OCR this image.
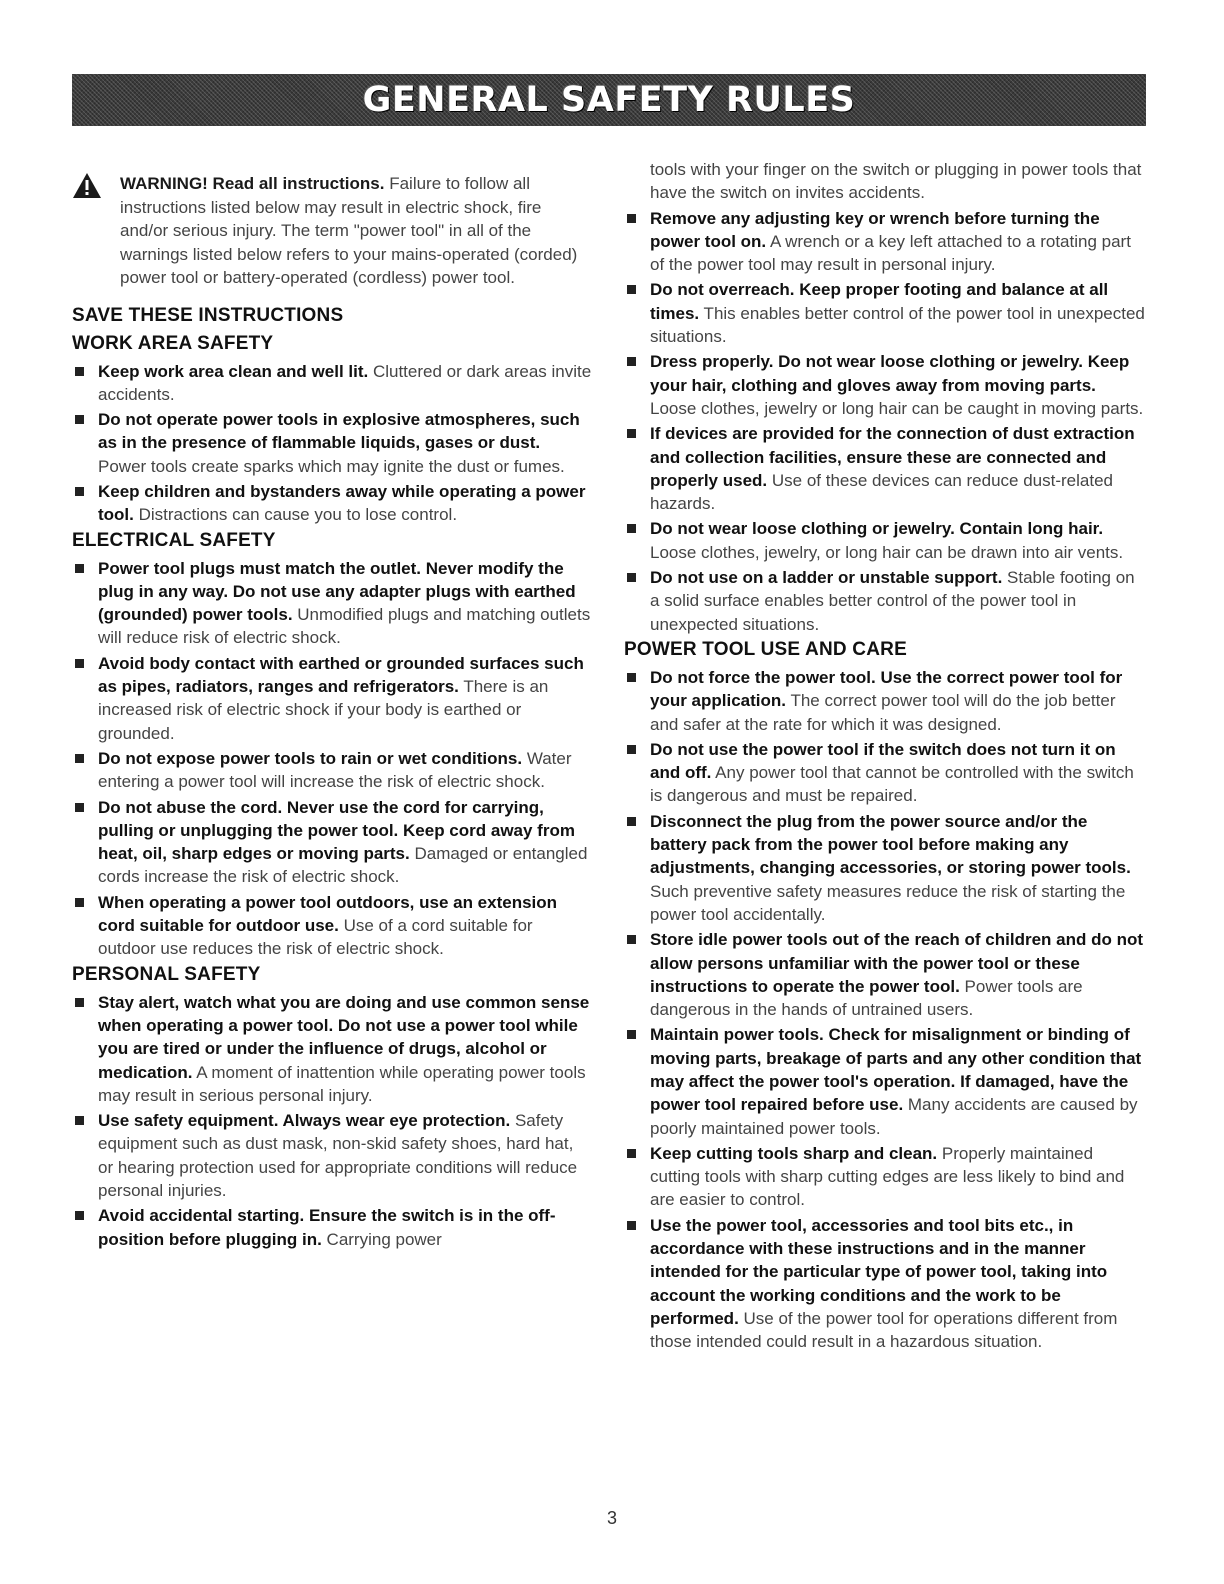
GENERAL SAFETY RULES
WARNING! Read all instructions. Failure to follow all instructions listed below may result in electric shock, fire and/or serious injury. The term "power tool" in all of the warnings listed below refers to your mains-operated (corded) power tool or battery-operated (cordless) power tool.
SAVE THESE INSTRUCTIONS
WORK AREA SAFETY
Keep work area clean and well lit. Cluttered or dark areas invite accidents.
Do not operate power tools in explosive atmospheres, such as in the presence of flammable liquids, gases or dust. Power tools create sparks which may ignite the dust or fumes.
Keep children and bystanders away while operating a power tool. Distractions can cause you to lose control.
ELECTRICAL SAFETY
Power tool plugs must match the outlet. Never modify the plug in any way. Do not use any adapter plugs with earthed (grounded) power tools. Unmodified plugs and matching outlets will reduce risk of electric shock.
Avoid body contact with earthed or grounded surfaces such as pipes, radiators, ranges and refrigerators. There is an increased risk of electric shock if your body is earthed or grounded.
Do not expose power tools to rain or wet conditions. Water entering a power tool will increase the risk of electric shock.
Do not abuse the cord. Never use the cord for carrying, pulling or unplugging the power tool. Keep cord away from heat, oil, sharp edges or moving parts. Damaged or entangled cords increase the risk of electric shock.
When operating a power tool outdoors, use an extension cord suitable for outdoor use. Use of a cord suitable for outdoor use reduces the risk of electric shock.
PERSONAL SAFETY
Stay alert, watch what you are doing and use common sense when operating a power tool. Do not use a power tool while you are tired or under the influence of drugs, alcohol or medication. A moment of inattention while operating power tools may result in serious personal injury.
Use safety equipment. Always wear eye protection. Safety equipment such as dust mask, non-skid safety shoes, hard hat, or hearing protection used for appropriate conditions will reduce personal injuries.
Avoid accidental starting. Ensure the switch is in the off-position before plugging in. Carrying power
tools with your finger on the switch or plugging in power tools that have the switch on invites accidents.
Remove any adjusting key or wrench before turning the power tool on. A wrench or a key left attached to a rotating part of the power tool may result in personal injury.
Do not overreach. Keep proper footing and balance at all times. This enables better control of the power tool in unexpected situations.
Dress properly. Do not wear loose clothing or jewelry. Keep your hair, clothing and gloves away from moving parts. Loose clothes, jewelry or long hair can be caught in moving parts.
If devices are provided for the connection of dust extraction and collection facilities, ensure these are connected and properly used. Use of these devices can reduce dust-related hazards.
Do not wear loose clothing or jewelry. Contain long hair. Loose clothes, jewelry, or long hair can be drawn into air vents.
Do not use on a ladder or unstable support. Stable footing on a solid surface enables better control of the power tool in unexpected situations.
POWER TOOL USE AND CARE
Do not force the power tool. Use the correct power tool for your application. The correct power tool will do the job better and safer at the rate for which it was designed.
Do not use the power tool if the switch does not turn it on and off. Any power tool that cannot be controlled with the switch is dangerous and must be repaired.
Disconnect the plug from the power source and/or the battery pack from the power tool before making any adjustments, changing accessories, or storing power tools. Such preventive safety measures reduce the risk of starting the power tool accidentally.
Store idle power tools out of the reach of children and do not allow persons unfamiliar with the power tool or these instructions to operate the power tool. Power tools are dangerous in the hands of untrained users.
Maintain power tools. Check for misalignment or binding of moving parts, breakage of parts and any other condition that may affect the power tool's operation. If damaged, have the power tool repaired before use. Many accidents are caused by poorly maintained power tools.
Keep cutting tools sharp and clean. Properly maintained cutting tools with sharp cutting edges are less likely to bind and are easier to control.
Use the power tool, accessories and tool bits etc., in accordance with these instructions and in the manner intended for the particular type of power tool, taking into account the working conditions and the work to be performed. Use of the power tool for operations different from those intended could result in a hazardous situation.
3
